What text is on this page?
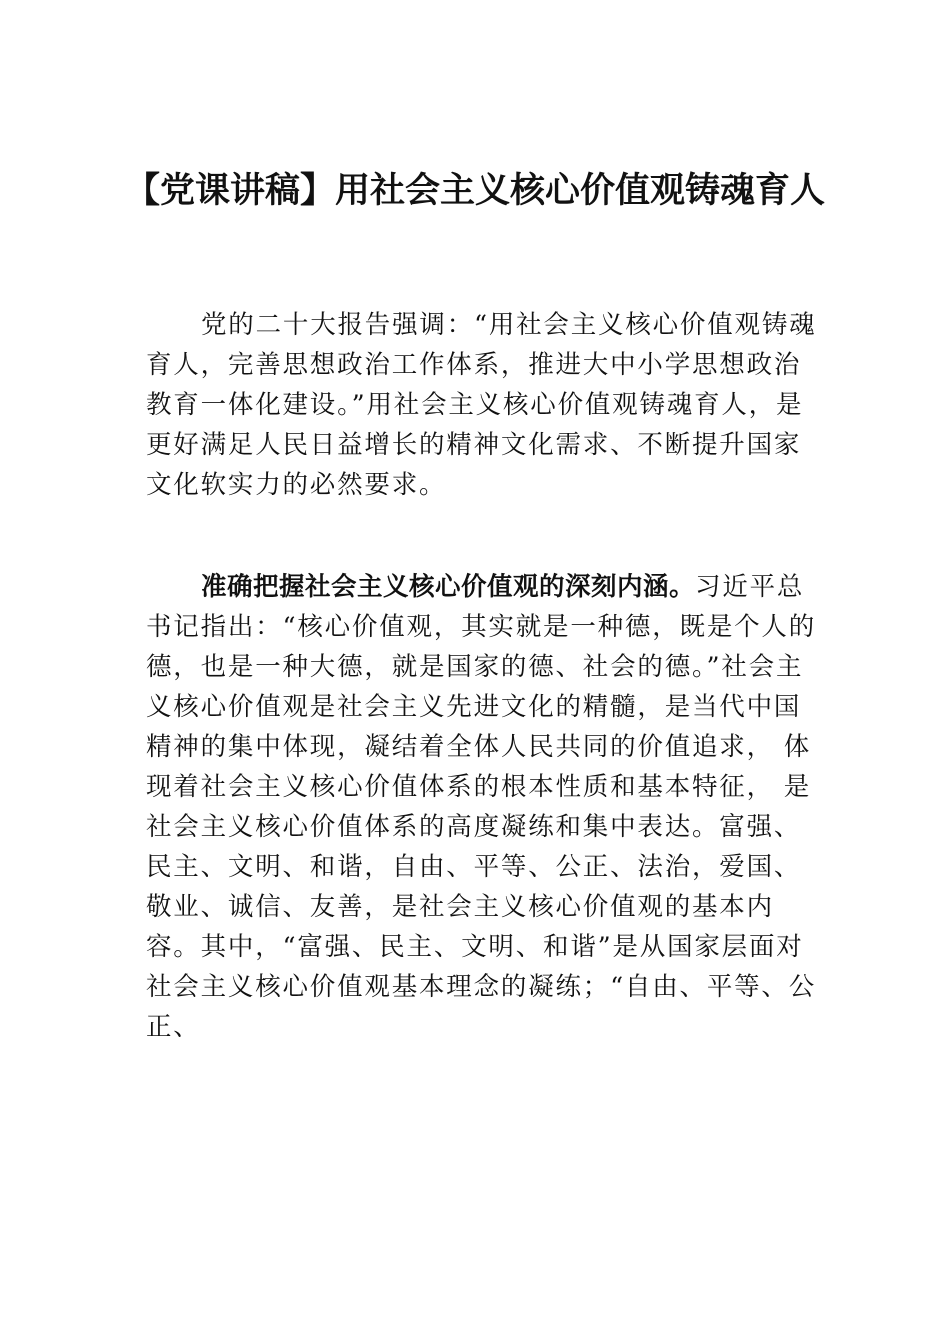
【党课讲稿】用社会主义核心价值观铸魂育人

党的二十大报告强调：“用社会主义核心价值观铸魂育人，完善思想政治工作体系，推进大中小学思想政治教育一体化建设。”用社会主义核心价值观铸魂育人，是更好满足人民日益增长的精神文化需求、不断提升国家文化软实力的必然要求。

准确把握社会主义核心价值观的深刻内涵。习近平总书记指出：“核心价值观，其实就是一种德，既是个人的德，也是一种大德，就是国家的德、社会的德。”社会主义核心价值观是社会主义先进文化的精髓，是当代中国精神的集中体现，凝结着全体人民共同的价值追求， 体现着社会主义核心价值体系的根本性质和基本特征， 是社会主义核心价值体系的高度凝练和集中表达。富强、民主、文明、和谐，自由、平等、公正、法治，爱国、敬业、诚信、友善，是社会主义核心价值观的基本内容。其中，“富强、民主、文明、和谐”是从国家层面对社会主义核心价值观基本理念的凝练；“自由、平等、公正、
